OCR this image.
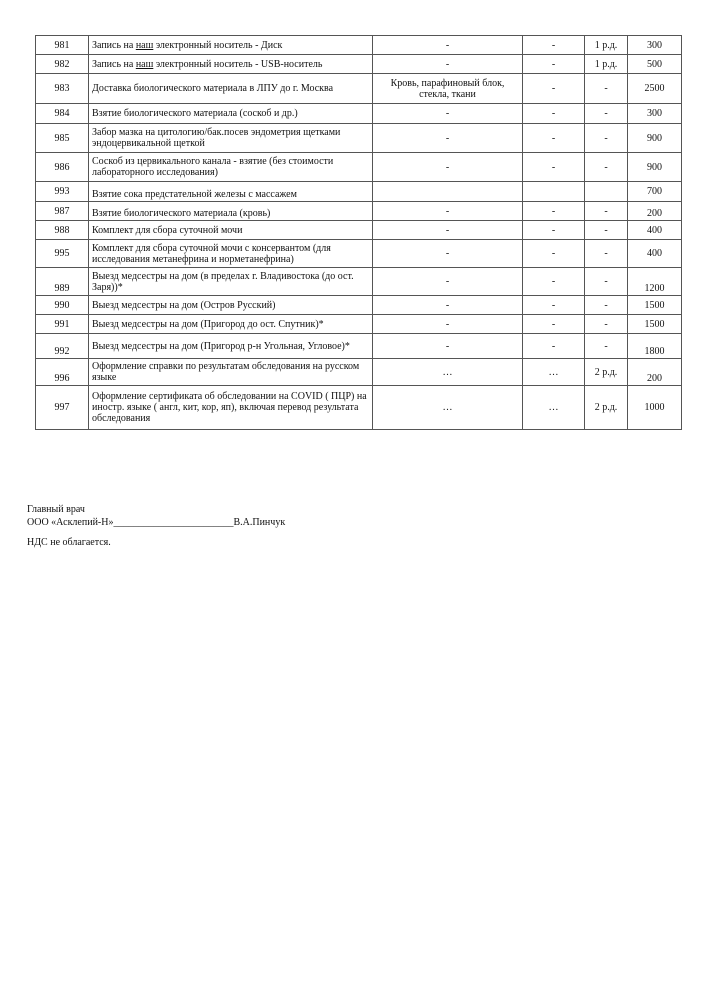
981	Запись на наш электронный носитель - Диск	-	-	1 р.д.	300
982	Запись на наш электронный носитель - USB-носитель	-	-	1 р.д.	500
983	Доставка биологического материала в ЛПУ до г. Москва	Кровь, парафиновый блок, стекла, ткани	-	-	2500
984	Взятие биологического материала (соскоб и др.)	-	-	-	300
985	Забор мазка на цитологию/бак.посев эндометрия щетками эндоцервикальной щеткой	-	-	-	900
986	Соскоб из цервикального канала - взятие (без стоимости лабораторного исследования)	-	-	-	900
993	Взятие сока предстательной железы с массажем				700
987	Взятие биологического материала (кровь)	-	-	-	200
988	Комплект для сбора суточной мочи	-	-	-	400
995	Комплект для сбора суточной мочи с консервантом (для исследования метанефрина и норметанефрина)	-	-	-	400
989	Выезд медсестры на дом (в пределах г. Владивостока (до ост. Заря))*	-	-	-	1200
990	Выезд медсестры на дом (Остров Русский)	-	-	-	1500
991	Выезд медсестры на дом (Пригород до ост. Спутник)*	-	-	-	1500
992	Выезд медсестры на дом (Пригород р-н Угольная, Угловое)*	-	-	-	1800
996	Оформление справки по результатам обследования на русском языке	…	…	2 р.д.	200
997	Оформление сертификата об обследовании на COVID ( ПЦР) на иностр. языке ( англ, кит, кор, яп), включая перевод результата обследования	…	…	2 р.д.	1000
Главный врач
ООО «Асклепий-Н»________________________В.А.Пинчук
НДС не облагается.
